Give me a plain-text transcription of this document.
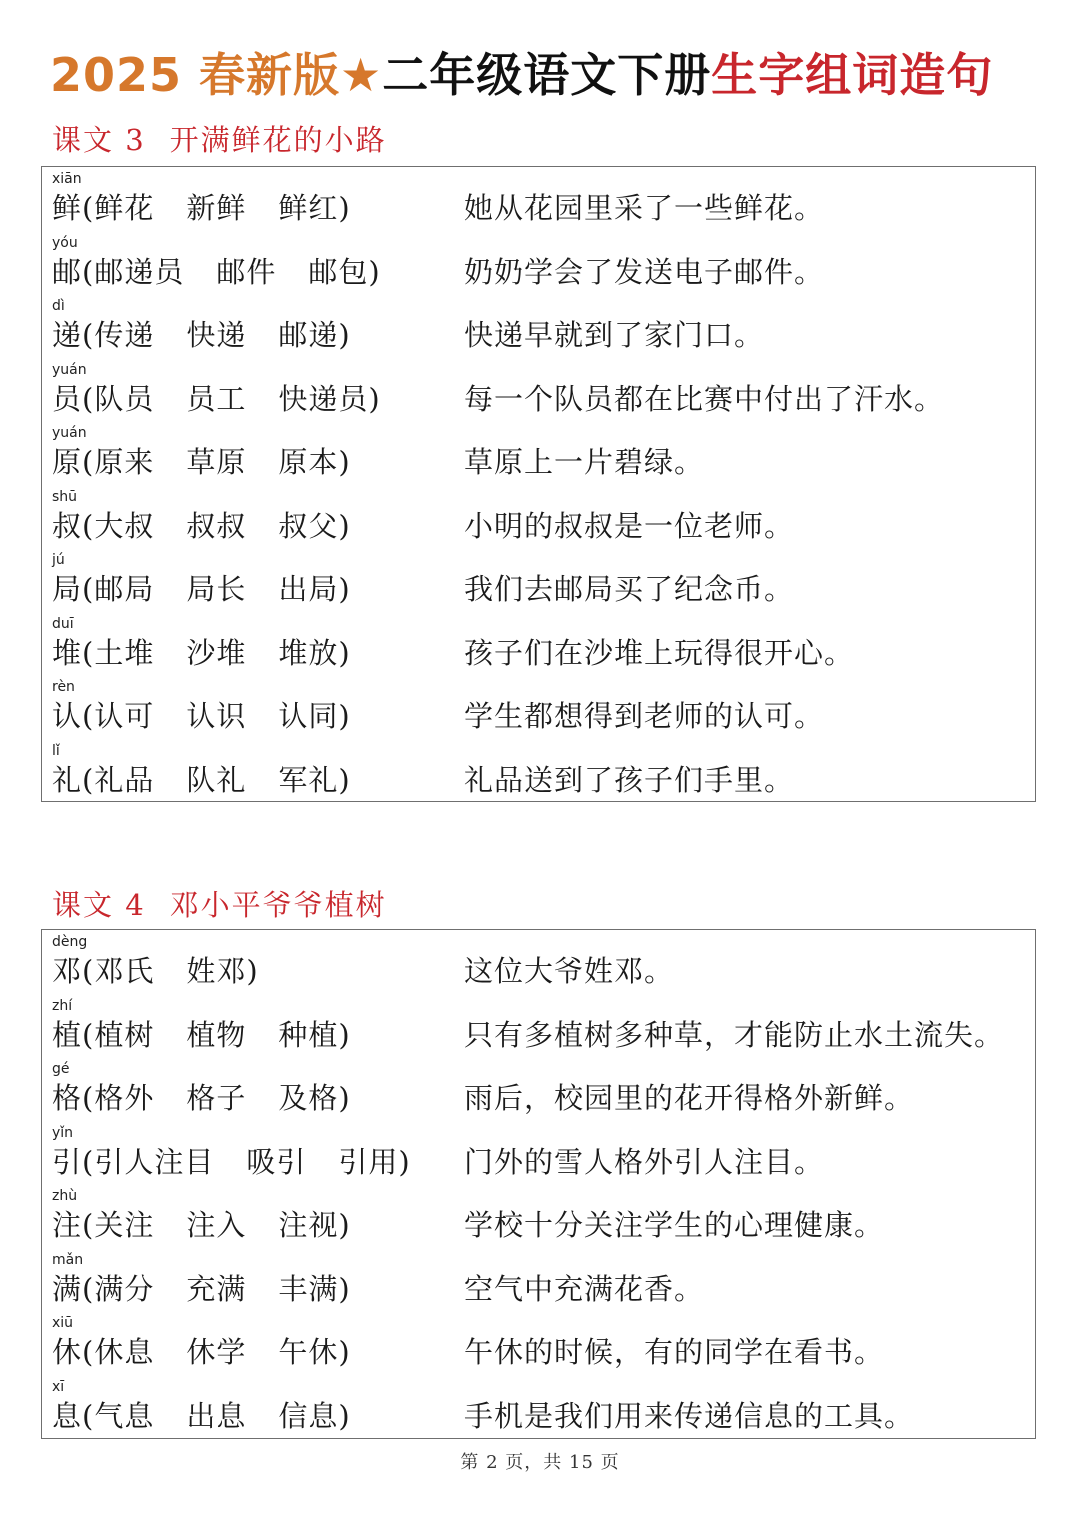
2025 春新版★二年级语文下册生字组词造句
课文 3 开满鲜花的小路
xiān
鲜(鲜花 新鲜 鲜红)	她从花园里采了一些鲜花。
yóu
邮(邮递员 邮件 邮包)	奶奶学会了发送电子邮件。
dì
递(传递 快递 邮递)	快递早就到了家门口。
yuán
员(队员 员工 快递员)	每一个队员都在比赛中付出了汗水。
yuán
原(原来 草原 原本)	草原上一片碧绿。
shū
叔(大叔 叔叔 叔父)	小明的叔叔是一位老师。
jú
局(邮局 局长 出局)	我们去邮局买了纪念币。
duī
堆(土堆 沙堆 堆放)	孩子们在沙堆上玩得很开心。
rèn
认(认可 认识 认同)	学生都想得到老师的认可。
lǐ
礼(礼品 队礼 军礼)	礼品送到了孩子们手里。
课文 4 邓小平爷爷植树
dèng
邓(邓氏 姓邓)	这位大爷姓邓。
zhí
植(植树 植物 种植)	只有多植树多种草，才能防止水土流失。
gé
格(格外 格子 及格)	雨后，校园里的花开得格外新鲜。
yǐn
引(引人注目 吸引 引用) 门外的雪人格外引人注目。
zhù
注(关注 注入 注视)	学校十分关注学生的心理健康。
mǎn
满(满分 充满 丰满)	空气中充满花香。
xiū
休(休息 休学 午休)	午休的时候，有的同学在看书。
xī
息(气息 出息 信息)	手机是我们用来传递信息的工具。
第 2 页，共 15 页
